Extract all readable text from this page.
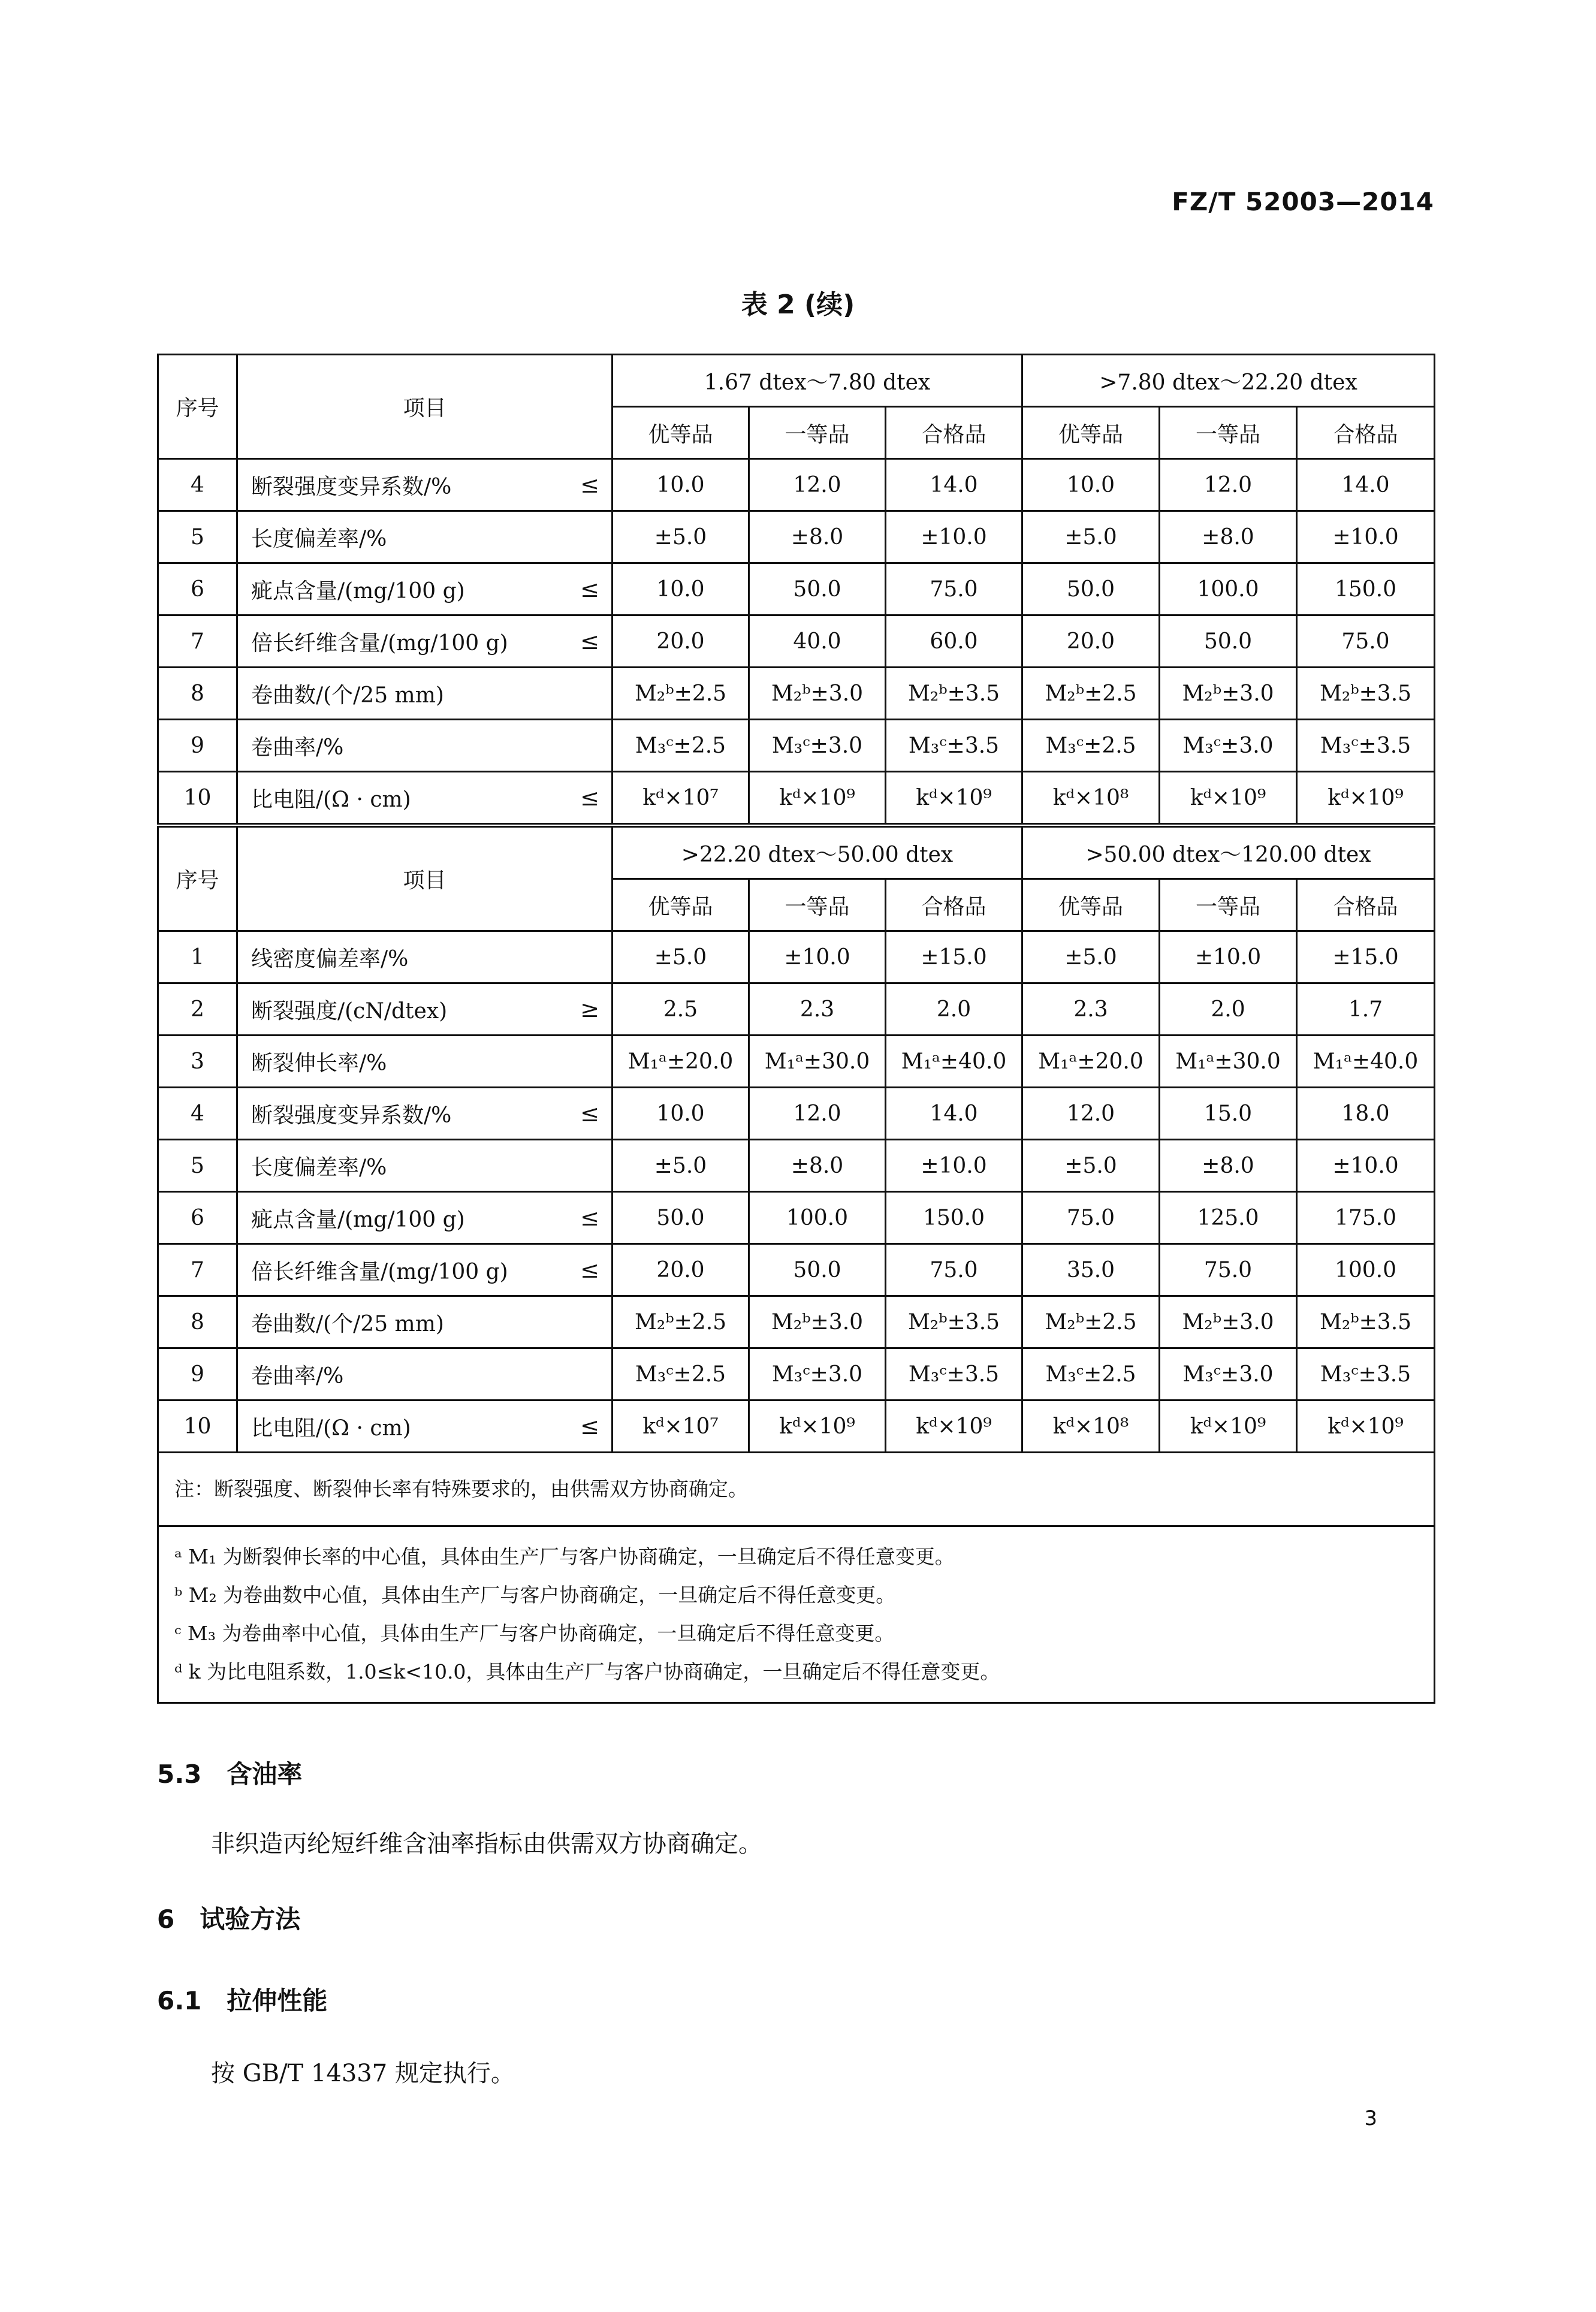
FZ/T 52003—2014
表 2 (续)
序号	项目	1.67 dtex～7.80 dtex			>7.80 dtex～22.20 dtex		
		优等品	一等品	合格品	优等品	一等品	合格品
4	断裂强度变异系数/% ≤	10.0	12.0	14.0	10.0	12.0	14.0
5	长度偏差率/%	±5.0	±8.0	±10.0	±5.0	±8.0	±10.0
6	疵点含量/(mg/100 g) ≤	10.0	50.0	75.0	50.0	100.0	150.0
7	倍长纤维含量/(mg/100 g) ≤	20.0	40.0	60.0	20.0	50.0	75.0
8	卷曲数/(个/25 mm)	M₂ᵇ±2.5	M₂ᵇ±3.0	M₂ᵇ±3.5	M₂ᵇ±2.5	M₂ᵇ±3.0	M₂ᵇ±3.5
9	卷曲率/%	M₃ᶜ±2.5	M₃ᶜ±3.0	M₃ᶜ±3.5	M₃ᶜ±2.5	M₃ᶜ±3.0	M₃ᶜ±3.5
10	比电阻/(Ω · cm) ≤	kᵈ×10⁷	kᵈ×10⁹	kᵈ×10⁹	kᵈ×10⁸	kᵈ×10⁹	kᵈ×10⁹
序号	项目	>22.20 dtex～50.00 dtex			>50.00 dtex～120.00 dtex		
		优等品	一等品	合格品	优等品	一等品	合格品
1	线密度偏差率/%	±5.0	±10.0	±15.0	±5.0	±10.0	±15.0
2	断裂强度/(cN/dtex) ≥	2.5	2.3	2.0	2.3	2.0	1.7
3	断裂伸长率/%	M₁ᵃ±20.0	M₁ᵃ±30.0	M₁ᵃ±40.0	M₁ᵃ±20.0	M₁ᵃ±30.0	M₁ᵃ±40.0
4	断裂强度变异系数/% ≤	10.0	12.0	14.0	12.0	15.0	18.0
5	长度偏差率/%	±5.0	±8.0	±10.0	±5.0	±8.0	±10.0
6	疵点含量/(mg/100 g) ≤	50.0	100.0	150.0	75.0	125.0	175.0
7	倍长纤维含量/(mg/100 g) ≤	20.0	50.0	75.0	35.0	75.0	100.0
8	卷曲数/(个/25 mm)	M₂ᵇ±2.5	M₂ᵇ±3.0	M₂ᵇ±3.5	M₂ᵇ±2.5	M₂ᵇ±3.0	M₂ᵇ±3.5
9	卷曲率/%	M₃ᶜ±2.5	M₃ᶜ±3.0	M₃ᶜ±3.5	M₃ᶜ±2.5	M₃ᶜ±3.0	M₃ᶜ±3.5
10	比电阻/(Ω · cm) ≤	kᵈ×10⁷	kᵈ×10⁹	kᵈ×10⁹	kᵈ×10⁸	kᵈ×10⁹	kᵈ×10⁹
注：断裂强度、断裂伸长率有特殊要求的，由供需双方协商确定。							

ᵃ M₁ 为断裂伸长率的中心值，具体由生产厂与客户协商确定，一旦确定后不得任意变更。
ᵇ M₂ 为卷曲数中心值，具体由生产厂与客户协商确定，一旦确定后不得任意变更。
ᶜ M₃ 为卷曲率中心值，具体由生产厂与客户协商确定，一旦确定后不得任意变更。
ᵈ k 为比电阻系数，1.0≤k<10.0，具体由生产厂与客户协商确定，一旦确定后不得任意变更。							
5.3　含油率
非织造丙纶短纤维含油率指标由供需双方协商确定。
6　试验方法
6.1　拉伸性能
按 GB/T 14337 规定执行。
3
